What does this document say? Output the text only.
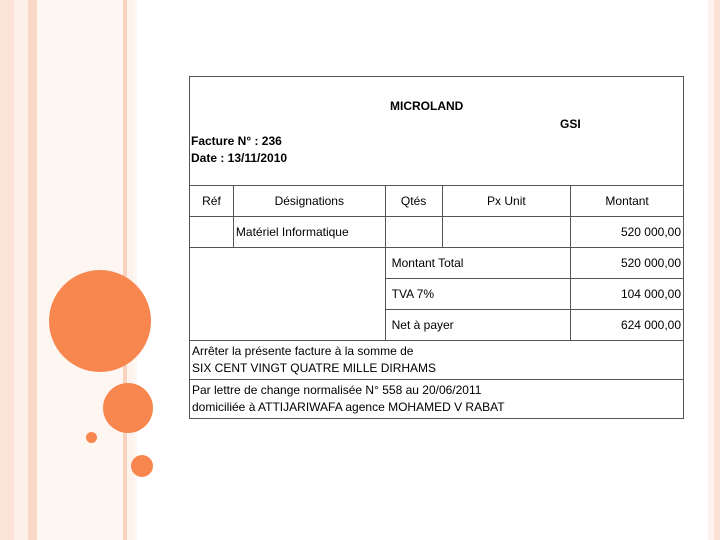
MICROLAND
GSI
Facture N° : 236
Date : 13/11/2010				

Réf	Désignations	Qtés	Px Unit	Montant
	Matériel Informatique			520 000,00
		Montant Total		520 000,00
		TVA 7%		104 000,00
		Net à payer		624 000,00

Arrêter la présente facture à la somme de
SIX CENT VINGT QUATRE MILLE DIRHAMS				

Par lettre de change normalisée N° 558 au 20/06/2011
domiciliée à ATTIJARIWAFA agence MOHAMED V RABAT				
